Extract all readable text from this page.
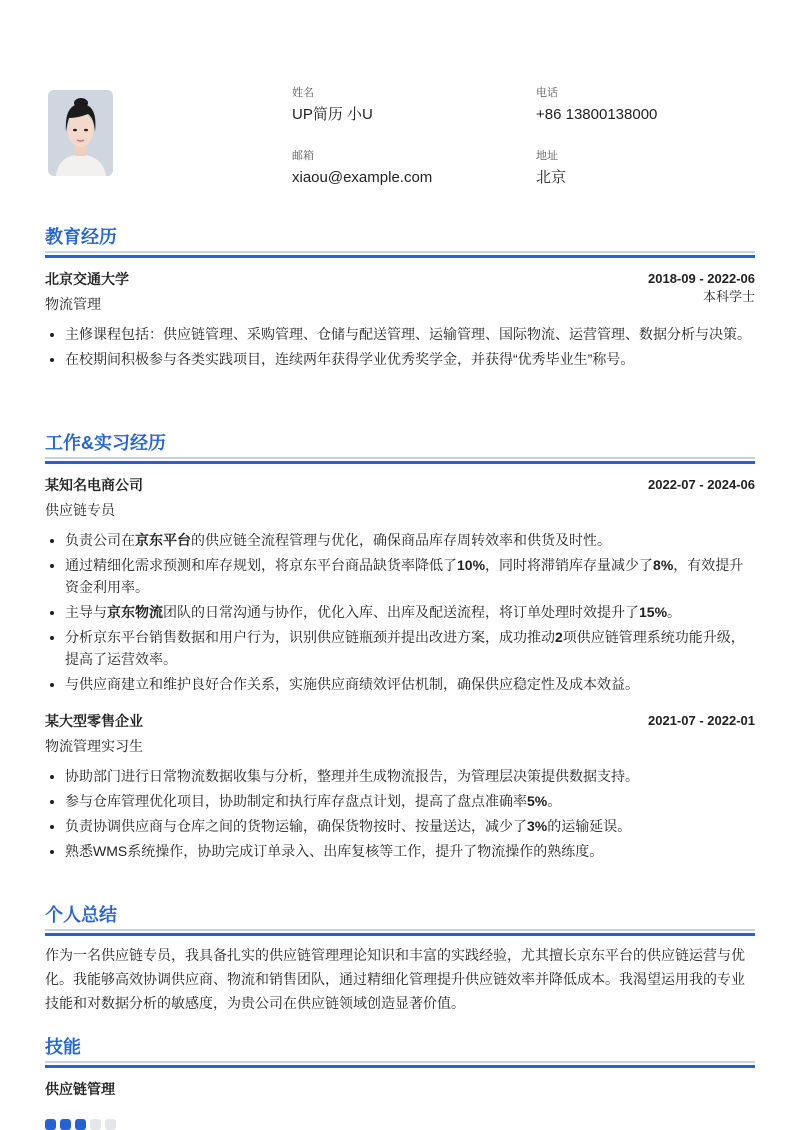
姓名
UP简历 小U
电话
+86 13800138000
邮箱
xiaou@example.com
地址
北京
教育经历
北京交通大学	2018-09 - 2022-06
物流管理	本科学士
• 主修课程包括：供应链管理、采购管理、仓储与配送管理、运输管理、国际物流、运营管理、数据分析与决策。
• 在校期间积极参与各类实践项目，连续两年获得学业优秀奖学金，并获得“优秀毕业生”称号。
工作&实习经历
某知名电商公司	2022-07 - 2024-06
供应链专员
• 负责公司在京东平台的供应链全流程管理与优化，确保商品库存周转效率和供货及时性。
• 通过精细化需求预测和库存规划，将京东平台商品缺货率降低了10%，同时将滞销库存量减少了8%，有效提升资金利用率。
• 主导与京东物流团队的日常沟通与协作，优化入库、出库及配送流程，将订单处理时效提升了15%。
• 分析京东平台销售数据和用户行为，识别供应链瓶颈并提出改进方案，成功推动2项供应链管理系统功能升级，提高了运营效率。
• 与供应商建立和维护良好合作关系，实施供应商绩效评估机制，确保供应稳定性及成本效益。
某大型零售企业	2021-07 - 2022-01
物流管理实习生
• 协助部门进行日常物流数据收集与分析，整理并生成物流报告，为管理层决策提供数据支持。
• 参与仓库管理优化项目，协助制定和执行库存盘点计划，提高了盘点准确率5%。
• 负责协调供应商与仓库之间的货物运输，确保货物按时、按量送达，减少了3%的运输延误。
• 熟悉WMS系统操作，协助完成订单录入、出库复核等工作，提升了物流操作的熟练度。
个人总结
作为一名供应链专员，我具备扎实的供应链管理理论知识和丰富的实践经验，尤其擅长京东平台的供应链运营与优化。我能够高效协调供应商、物流和销售团队，通过精细化管理提升供应链效率并降低成本。我渴望运用我的专业技能和对数据分析的敏感度，为贵公司在供应链领域创造显著价值。
技能
供应链管理
